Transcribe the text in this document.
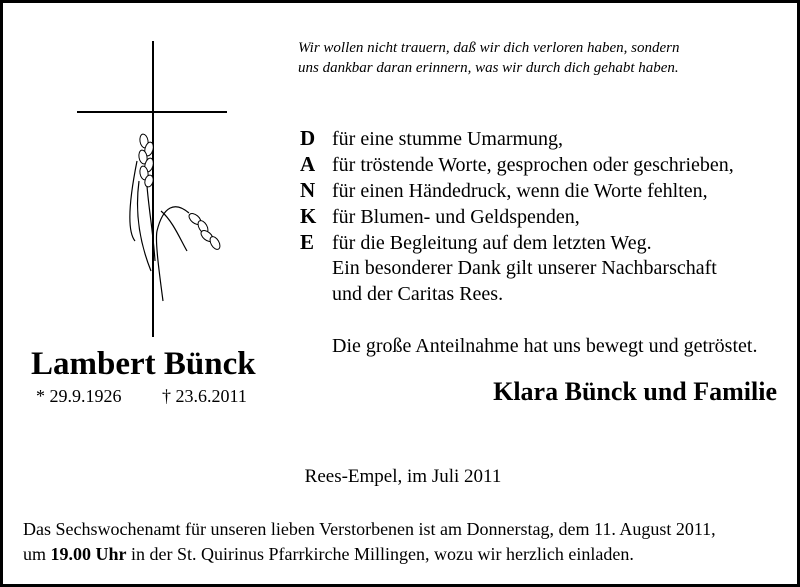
Wir wollen nicht trauern, daß wir dich verloren haben, sondern
uns dankbar daran erinnern, was wir durch dich gehabt haben.
D für eine stumme Umarmung,
A für tröstende Worte, gesprochen oder geschrieben,
N für einen Händedruck, wenn die Worte fehlten,
K für Blumen- und Geldspenden,
E für die Begleitung auf dem letzten Weg.
Ein besonderer Dank gilt unserer Nachbarschaft
und der Caritas Rees.
Die große Anteilnahme hat uns bewegt und getröstet.
Klara Bünck und Familie
Lambert Bünck
* 29.9.1926 † 23.6.2011
Rees-Empel, im Juli 2011
Das Sechswochenamt für unseren lieben Verstorbenen ist am Donnerstag, dem 11. August 2011,
um 19.00 Uhr in der St. Quirinus Pfarrkirche Millingen, wozu wir herzlich einladen.
